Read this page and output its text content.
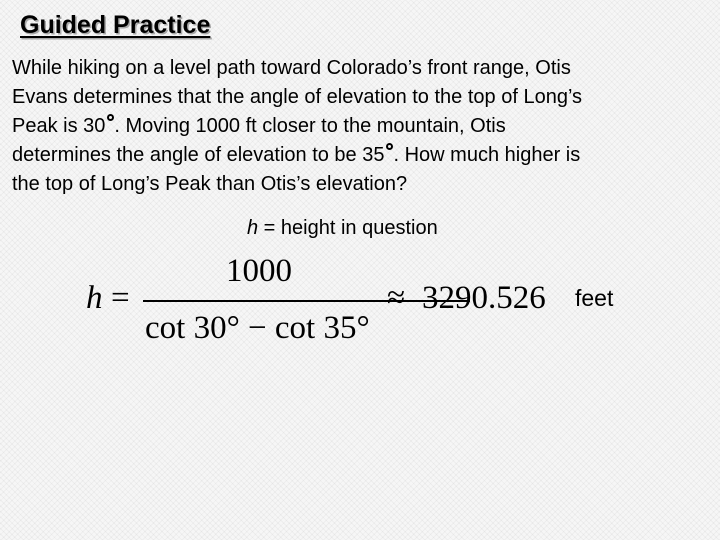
Guided Practice
While hiking on a level path toward Colorado’s front range, Otis
Evans determines that the angle of elevation to the top of Long’s
Peak is 30 . Moving 1000 ft closer to the mountain, Otis
determines the angle of elevation to be 35 . How much higher is
the top of Long’s Peak than Otis’s elevation?
h = height in question
h =
1000
cot 30° − cot 35°
≈ 3290.526 feet
